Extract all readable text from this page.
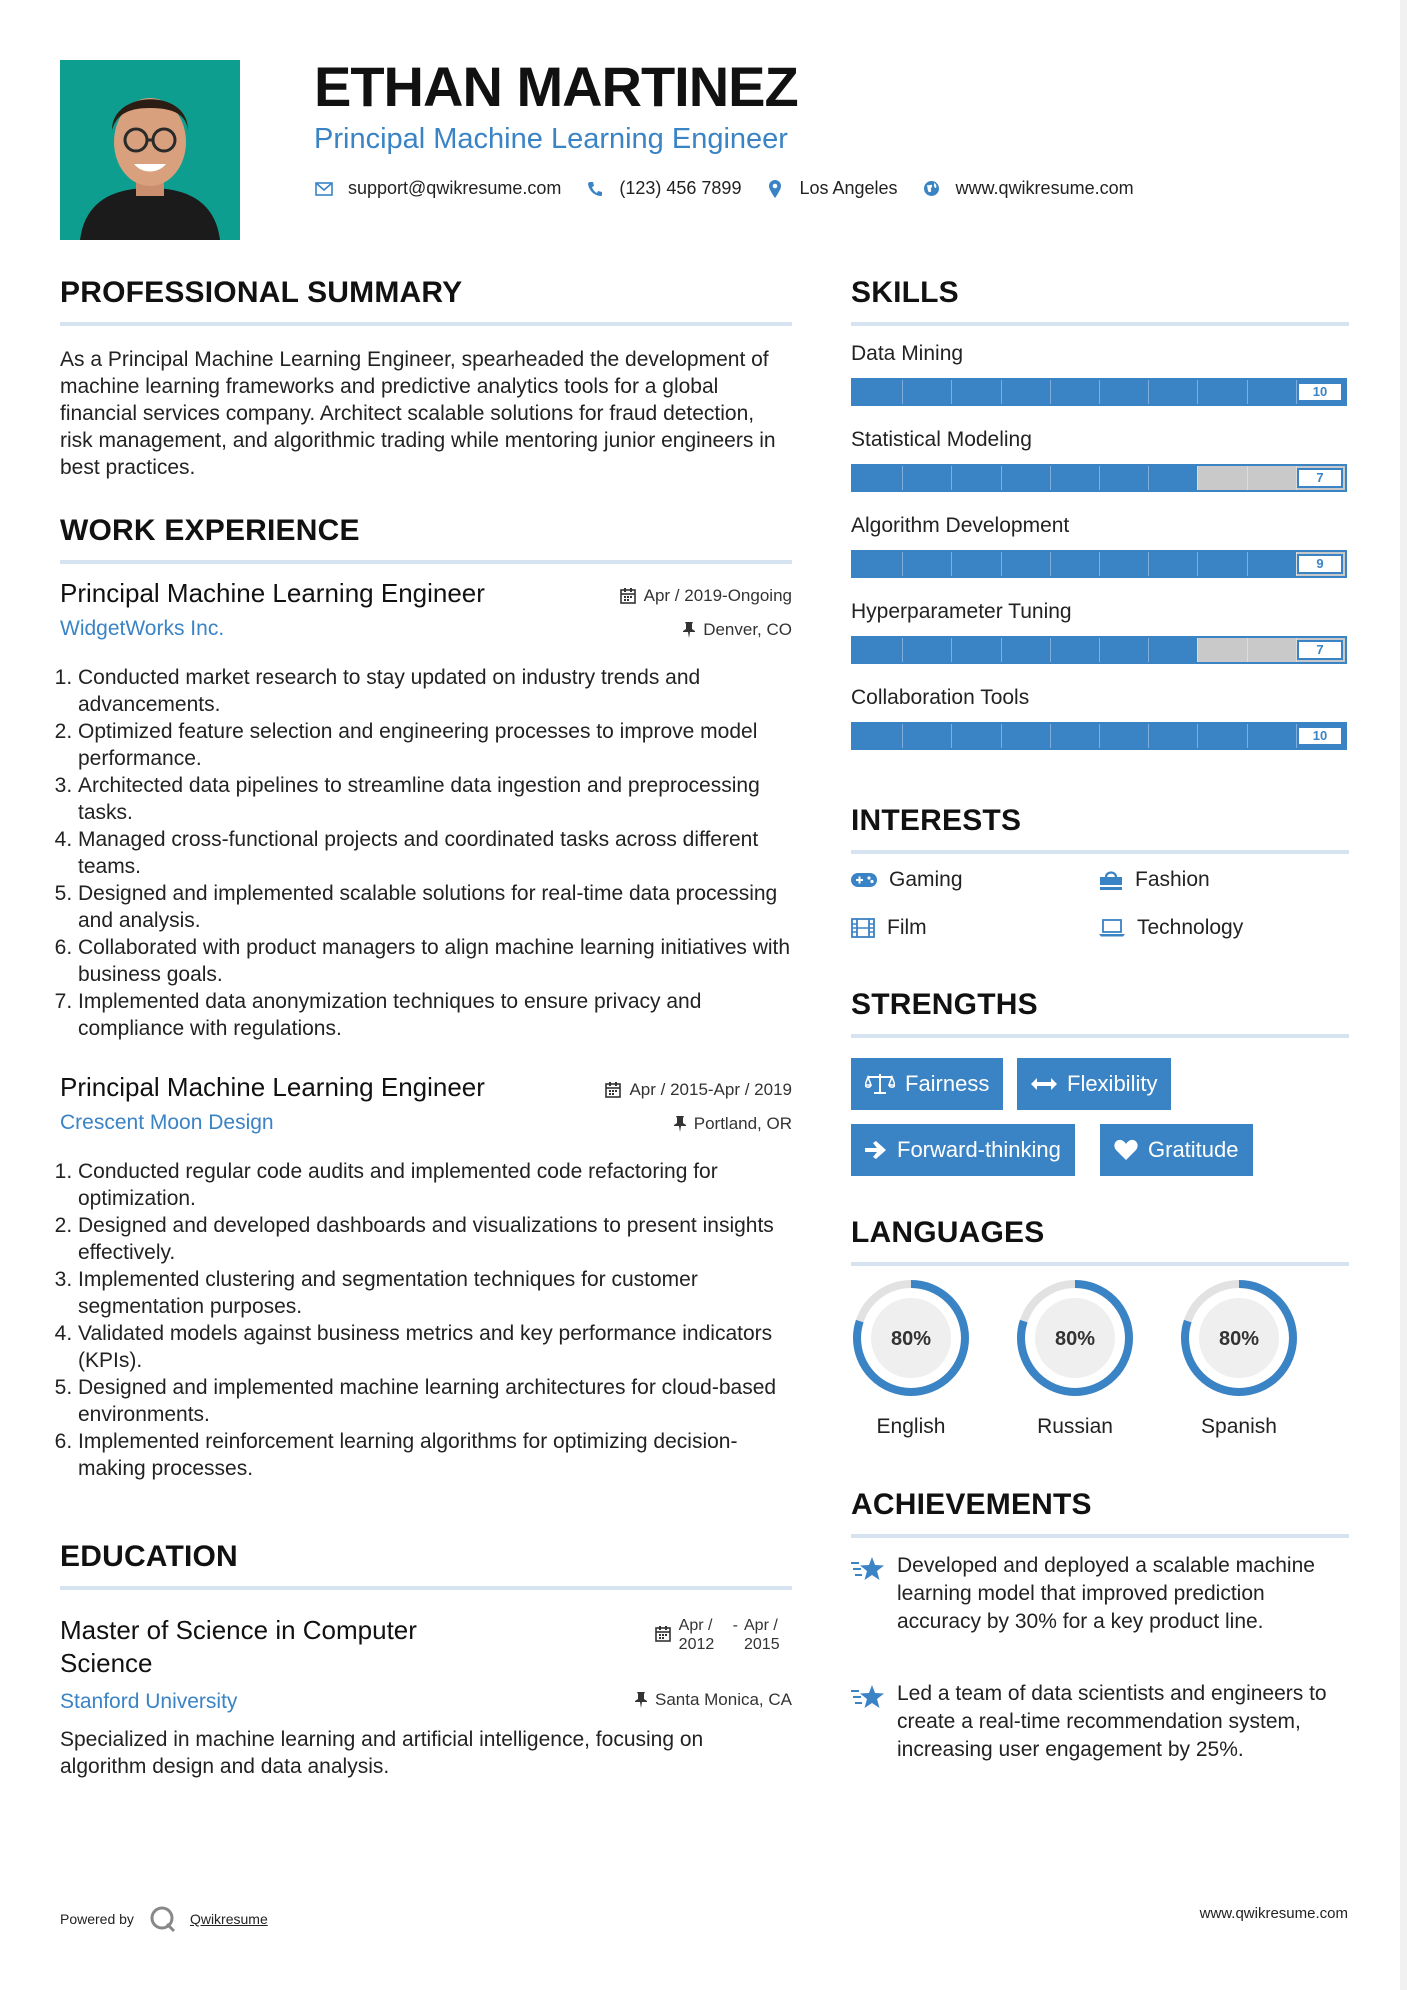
ETHAN MARTINEZ
Principal Machine Learning Engineer
support@qwikresume.com	(123) 456 7899	Los Angeles	www.qwikresume.com
PROFESSIONAL SUMMARY
As a Principal Machine Learning Engineer, spearheaded the development of machine learning frameworks and predictive analytics tools for a global financial services company. Architect scalable solutions for fraud detection, risk management, and algorithmic trading while mentoring junior engineers in best practices.
WORK EXPERIENCE
Principal Machine Learning Engineer
WidgetWorks Inc.
Apr / 2019-Ongoing
Denver, CO
1. Conducted market research to stay updated on industry trends and advancements.
2. Optimized feature selection and engineering processes to improve model performance.
3. Architected data pipelines to streamline data ingestion and preprocessing tasks.
4. Managed cross-functional projects and coordinated tasks across different teams.
5. Designed and implemented scalable solutions for real-time data processing and analysis.
6. Collaborated with product managers to align machine learning initiatives with business goals.
7. Implemented data anonymization techniques to ensure privacy and compliance with regulations.
Principal Machine Learning Engineer
Crescent Moon Design
Apr / 2015-Apr / 2019
Portland, OR
1. Conducted regular code audits and implemented code refactoring for optimization.
2. Designed and developed dashboards and visualizations to present insights effectively.
3. Implemented clustering and segmentation techniques for customer segmentation purposes.
4. Validated models against business metrics and key performance indicators (KPIs).
5. Designed and implemented machine learning architectures for cloud-based environments.
6. Implemented reinforcement learning algorithms for optimizing decision-making processes.
EDUCATION
Master of Science in Computer Science
Stanford University
Apr / 2012
- Apr / 2015
Santa Monica, CA
Specialized in machine learning and artificial intelligence, focusing on algorithm design and data analysis.
SKILLS
Data Mining
10
Statistical Modeling
7
Algorithm Development
9
Hyperparameter Tuning
7
Collaboration Tools
10
INTERESTS
Gaming	Fashion
Film	Technology
STRENGTHS
Fairness	Flexibility
Forward-thinking	Gratitude
LANGUAGES
80%
English
80%
Russian
80%
Spanish
ACHIEVEMENTS
Developed and deployed a scalable machine learning model that improved prediction accuracy by 30% for a key product line.
Led a team of data scientists and engineers to create a real-time recommendation system, increasing user engagement by 25%.
Powered by	Qwikresume	www.qwikresume.com
